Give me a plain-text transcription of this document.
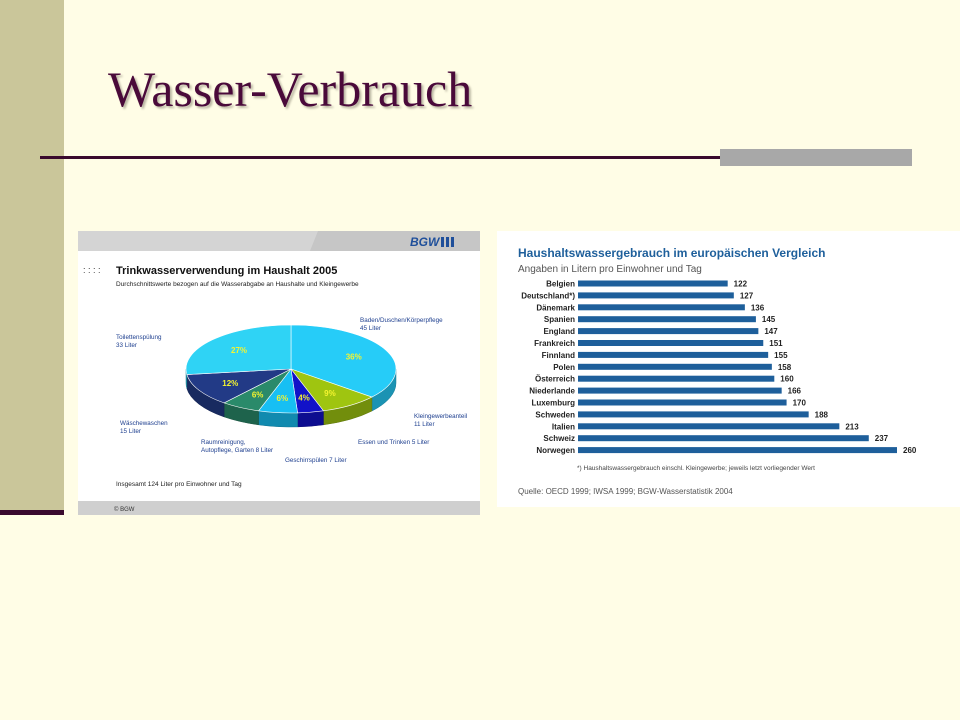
Wasser-Verbrauch
BGW
: : : : Trinkwasserverwendung im Haushalt 2005
Durchschnittswerte bezogen auf die Wasserabgabe an Haushalte und Kleingewerbe
36%
9%
4%
6%
6%
12%
27%
Baden/Duschen/Körperpflege
45 Liter
Kleingewerbeanteil
11 Liter
Essen und Trinken 5 Liter
Geschirrspülen 7 Liter
Raumreinigung,
Autopflege, Garten 8 Liter
Wäschewaschen
15 Liter
Toilettenspülung
33 Liter
Insgesamt 124 Liter pro Einwohner und Tag
© BGW
Haushaltswassergebrauch im europäischen Vergleich
Angaben in Litern pro Einwohner und Tag
Belgien	122
Deutschland*)	127
Dänemark	136
Spanien	145
England	147
Frankreich	151
Finnland	155
Polen	158
Österreich	160
Niederlande	166
Luxemburg	170
Schweden	188
Italien	213
Schweiz	237
Norwegen	260
*) Haushaltswassergebrauch einschl. Kleingewerbe; jeweils letzt vorliegender Wert
Quelle: OECD 1999; IWSA 1999; BGW-Wasserstatistik 2004
